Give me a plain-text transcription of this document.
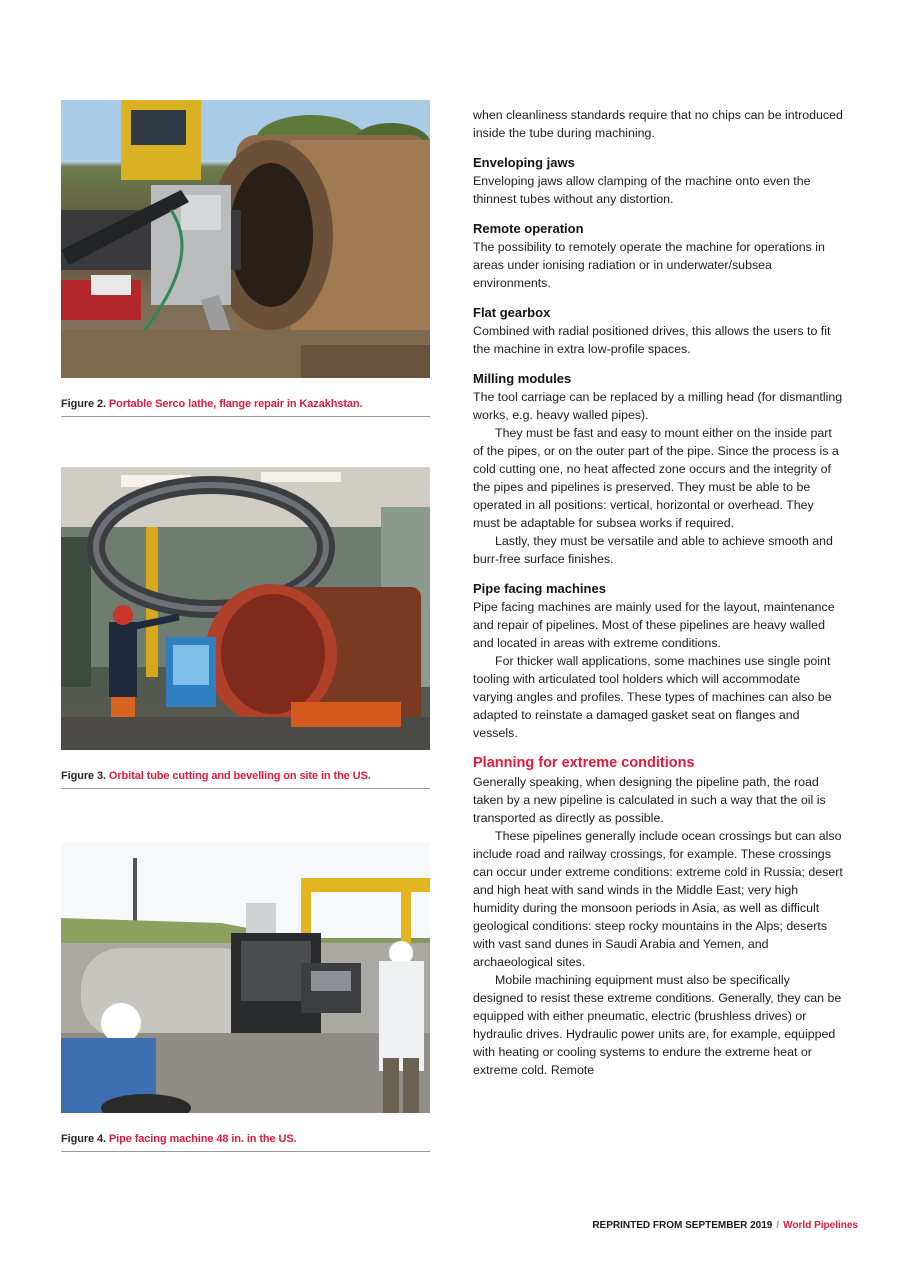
Figure 2. Portable Serco lathe, flange repair in Kazakhstan.
Figure 3. Orbital tube cutting and bevelling on site in the US.
Figure 4. Pipe facing machine 48 in. in the US.

when cleanliness standards require that no chips can be introduced inside the tube during machining.

Enveloping jaws

Enveloping jaws allow clamping of the machine onto even the thinnest tubes without any distortion.

Remote operation

The possibility to remotely operate the machine for operations in areas under ionising radiation or in underwater/subsea environments.

Flat gearbox

Combined with radial positioned drives, this allows the users to fit the machine in extra low-profile spaces.

Milling modules

The tool carriage can be replaced by a milling head (for dismantling works, e.g. heavy walled pipes).

They must be fast and easy to mount either on the inside part of the pipes, or on the outer part of the pipe. Since the process is a cold cutting one, no heat affected zone occurs and the integrity of the pipes and pipelines is preserved. They must be able to be operated in all positions: vertical, horizontal or overhead. They must be adaptable for subsea works if required.

Lastly, they must be versatile and able to achieve smooth and burr-free surface finishes.

Pipe facing machines

Pipe facing machines are mainly used for the layout, maintenance and repair of pipelines. Most of these pipelines are heavy walled and located in areas with extreme conditions.

For thicker wall applications, some machines use single point tooling with articulated tool holders which will accommodate varying angles and profiles. These types of machines can also be adapted to reinstate a damaged gasket seat on flanges and vessels.

Planning for extreme conditions

Generally speaking, when designing the pipeline path, the road taken by a new pipeline is calculated in such a way that the oil is transported as directly as possible.

These pipelines generally include ocean crossings but can also include road and railway crossings, for example. These crossings can occur under extreme conditions: extreme cold in Russia; desert and high heat with sand winds in the Middle East; very high humidity during the monsoon periods in Asia, as well as difficult geological conditions: steep rocky mountains in the Alps; deserts with vast sand dunes in Saudi Arabia and Yemen, and archaeological sites.

Mobile machining equipment must also be specifically designed to resist these extreme conditions. Generally, they can be equipped with either pneumatic, electric (brushless drives) or hydraulic drives. Hydraulic power units are, for example, equipped with heating or cooling systems to endure the extreme heat or extreme cold. Remote

REPRINTED FROM SEPTEMBER 2019 / World Pipelines
